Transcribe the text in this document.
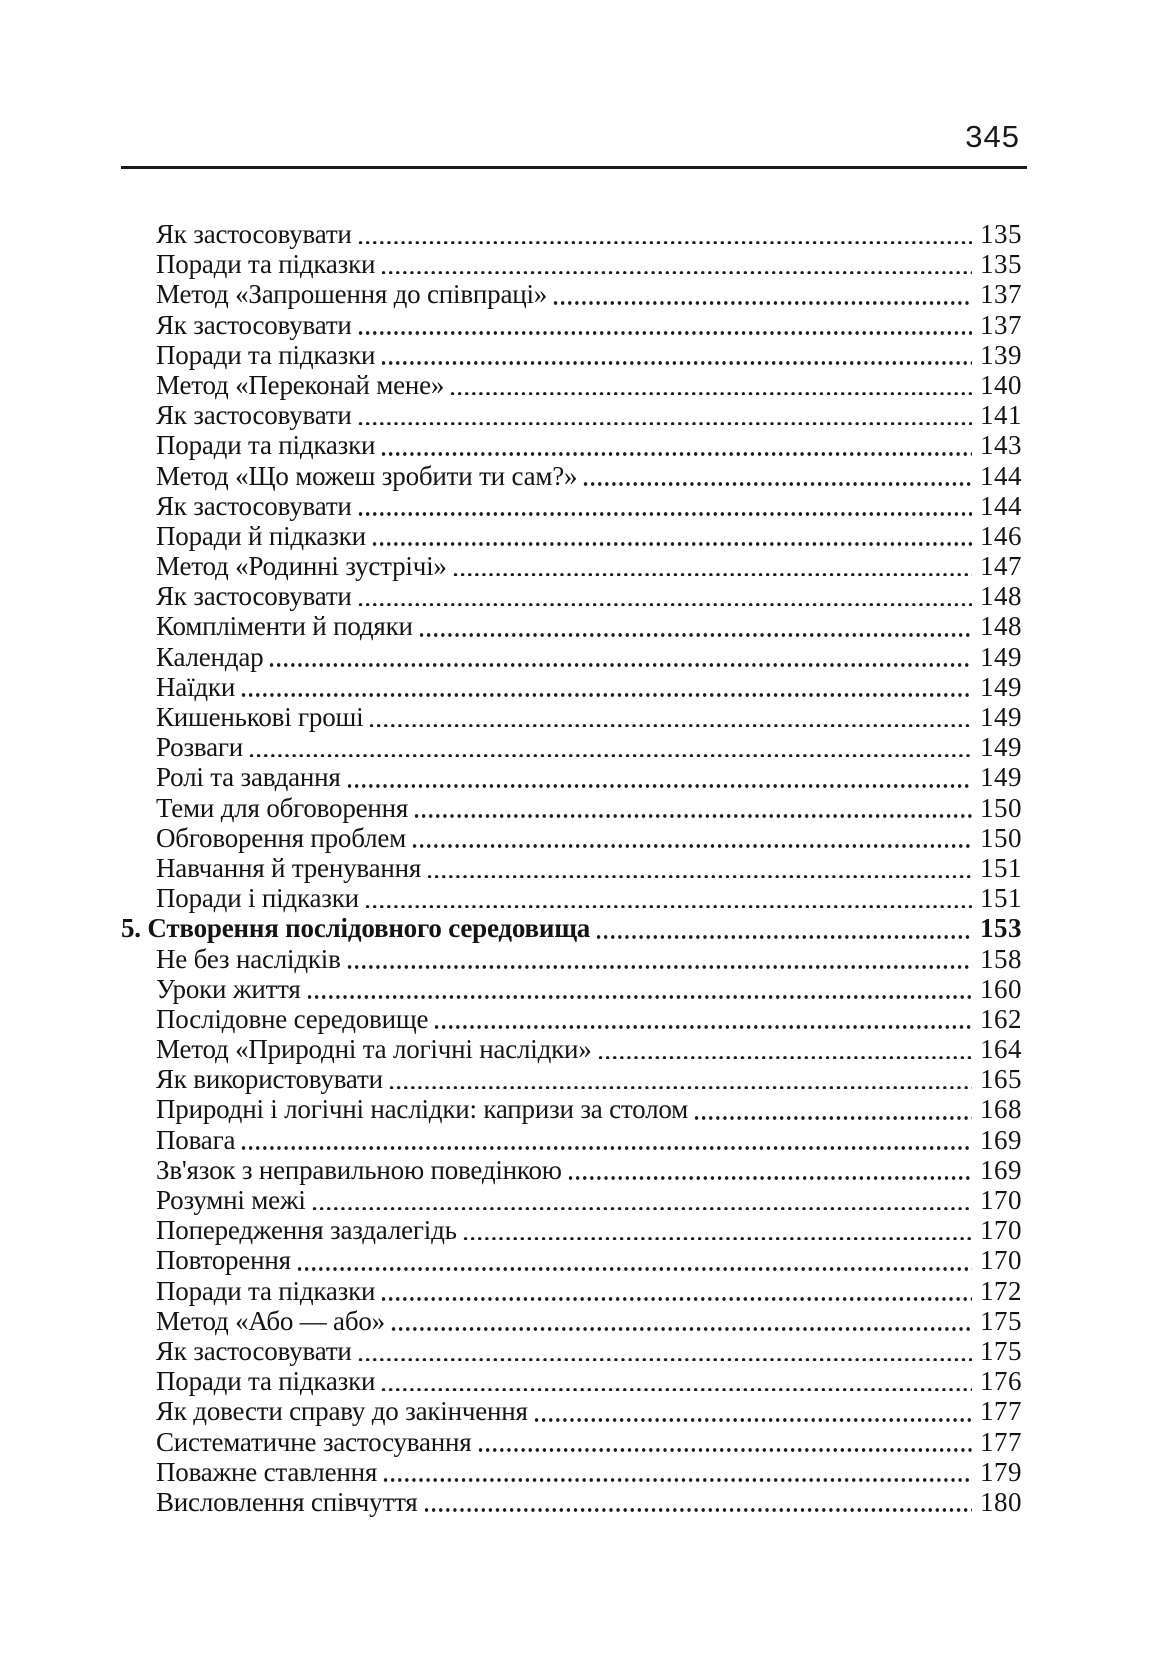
345
Як застосовувати	135
Поради та підказки	135
Метод «Запрошення до співпраці»	137
Як застосовувати	137
Поради та підказки	139
Метод «Переконай мене»	140
Як застосовувати	141
Поради та підказки	143
Метод «Що можеш зробити ти сам?»	144
Як застосовувати	144
Поради й підказки	146
Метод «Родинні зустрічі»	147
Як застосовувати	148
Компліменти й подяки	148
Календар	149
Наїдки	149
Кишенькові гроші	149
Розваги	149
Ролі та завдання	149
Теми для обговорення	150
Обговорення проблем	150
Навчання й тренування	151
Поради і підказки	151
5. Створення послідовного середовища	153
Не без наслідків	158
Уроки життя	160
Послідовне середовище	162
Метод «Природні та логічні наслідки»	164
Як використовувати	165
Природні і логічні наслідки: капризи за столом	168
Повага	169
Зв'язок з неправильною поведінкою	169
Розумні межі	170
Попередження заздалегідь	170
Повторення	170
Поради та підказки	172
Метод «Або — або»	175
Як застосовувати	175
Поради та підказки	176
Як довести справу до закінчення	177
Систематичне застосування	177
Поважне ставлення	179
Висловлення співчуття	180
